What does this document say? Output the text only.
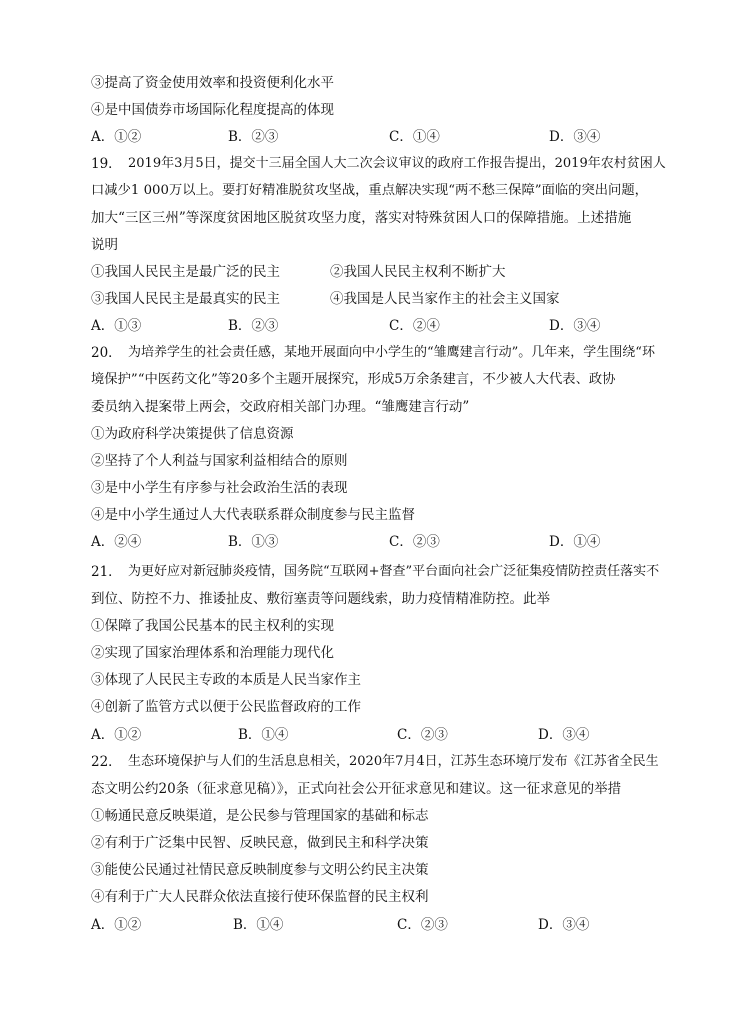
③提高了资金使用效率和投资便利化水平
④是中国债券市场国际化程度提高的体现
A．①②	B．②③	C．①④	D．③④
19． 2019年3月5日，提交十三届全国人大二次会议审议的政府工作报告提出，2019年农村贫困人
口减少1 000万以上。要打好精准脱贫攻坚战，重点解决实现“两不愁三保障”面临的突出问题，
加大“三区三州”等深度贫困地区脱贫攻坚力度，落实对特殊贫困人口的保障措施。上述措施
说明
①我国人民民主是最广泛的民主	②我国人民民主权利不断扩大
③我国人民民主是最真实的民主	④我国是人民当家作主的社会主义国家
A．①③	B．②③	C．②④	D．③④
20． 为培养学生的社会责任感，某地开展面向中小学生的“雏鹰建言行动”。几年来，学生围绕“环
境保护”“中医药文化”等20多个主题开展探究，形成5万余条建言，不少被人大代表、政协
委员纳入提案带上两会，交政府相关部门办理。“雏鹰建言行动”
①为政府科学决策提供了信息资源
②坚持了个人利益与国家利益相结合的原则
③是中小学生有序参与社会政治生活的表现
④是中小学生通过人大代表联系群众制度参与民主监督
A．②④	B．①③	C．②③	D．①④
21． 为更好应对新冠肺炎疫情，国务院“互联网+督查”平台面向社会广泛征集疫情防控责任落实不
到位、防控不力、推诿扯皮、敷衍塞责等问题线索，助力疫情精准防控。此举
①保障了我国公民基本的民主权利的实现
②实现了国家治理体系和治理能力现代化
③体现了人民民主专政的本质是人民当家作主
④创新了监管方式以便于公民监督政府的工作
A．①②	B．①④	C．②③	D．③④
22． 生态环境保护与人们的生活息息相关，2020年7月4日，江苏生态环境厅发布《江苏省全民生
态文明公约20条（征求意见稿）》，正式向社会公开征求意见和建议。这一征求意见的举措
①畅通民意反映渠道，是公民参与管理国家的基础和标志
②有利于广泛集中民智、反映民意，做到民主和科学决策
③能使公民通过社情民意反映制度参与文明公约民主决策
④有利于广大人民群众依法直接行使环保监督的民主权利
A．①②	B．①④	C．②③	D．③④
